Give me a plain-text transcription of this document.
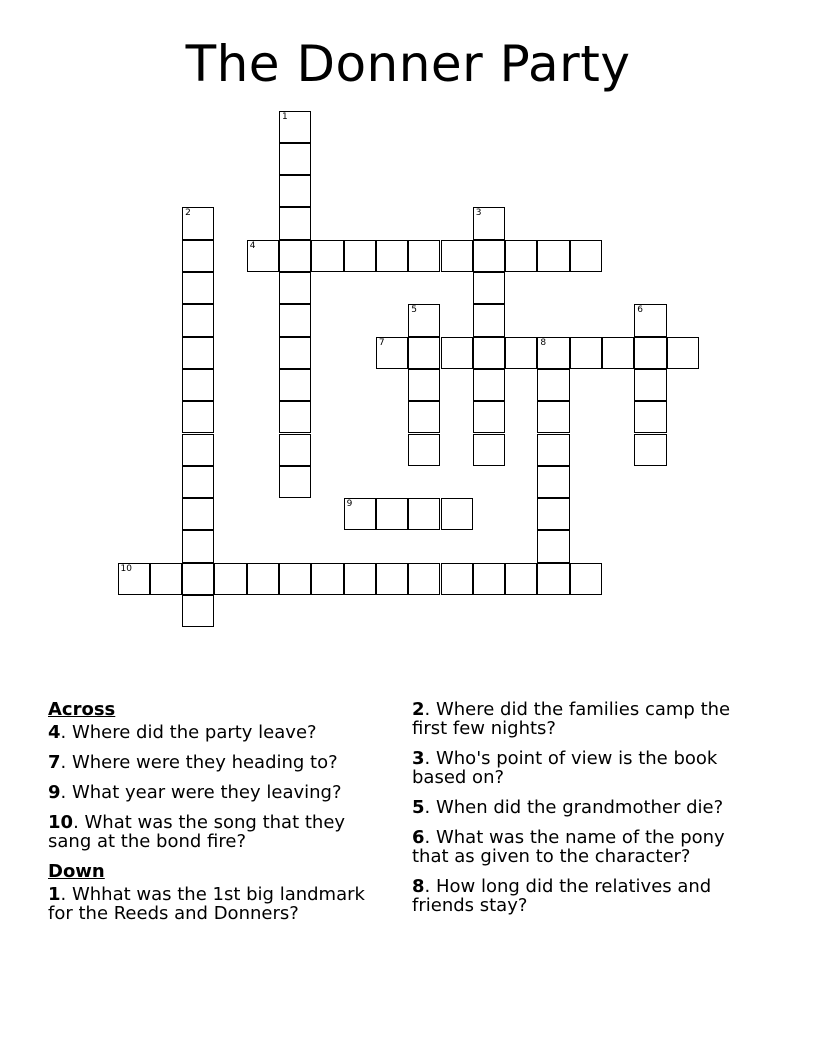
The Donner Party
1
2	3
4
5	6
7	8
9
10
Across
4. Where did the party leave?
7. Where were they heading to?
9. What year were they leaving?
10. What was the song that they sang at the bond fire?
Down
1. Whhat was the 1st big landmark for the Reeds and Donners?
2. Where did the families camp the first few nights?
3. Who's point of view is the book based on?
5. When did the grandmother die?
6. What was the name of the pony that as given to the character?
8. How long did the relatives and friends stay?
